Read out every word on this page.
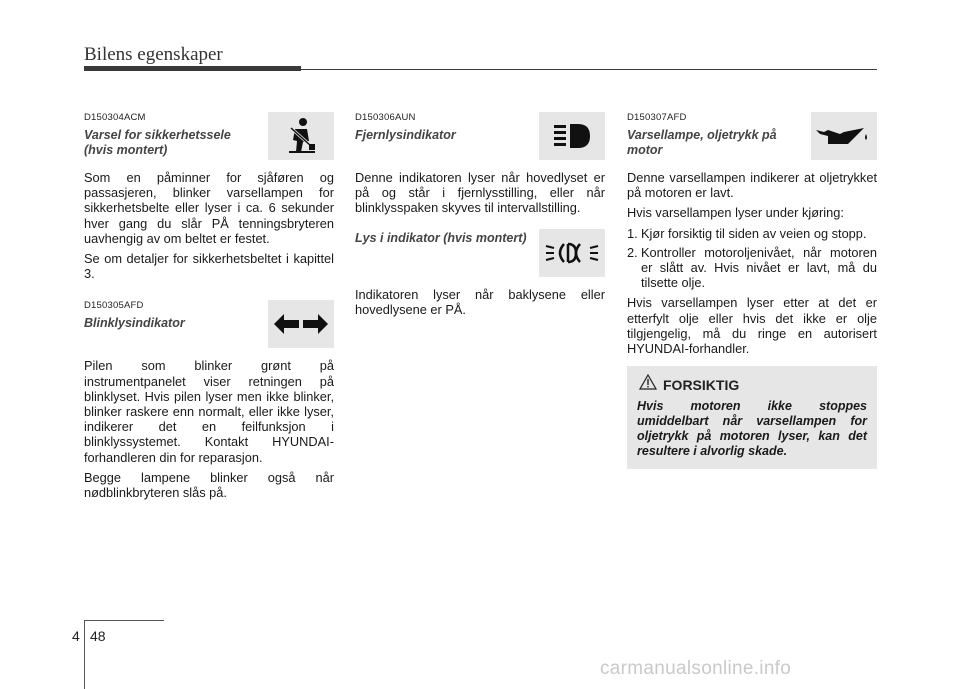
Bilens egenskaper
D150304ACM
Varsel for sikkerhetssele (hvis montert)

Som en påminner for sjåføren og passasjeren, blinker varsellampen for sikkerhetsbelte eller lyser i ca. 6 sekunder hver gang du slår PÅ tenningsbryteren uavhengig av om beltet er festet.

Se om detaljer for sikkerhetsbeltet i kapittel 3.

D150305AFD
Blinklysindikator

Pilen som blinker grønt på instrumentpanelet viser retningen på blinklyset. Hvis pilen lyser men ikke blinker, blinker raskere enn normalt, eller ikke lyser, indikerer det en feilfunksjon i blinklyssystemet. Kontakt HYUNDAI-forhandleren din for reparasjon.

Begge lampene blinker også når nødblinkbryteren slås på.

D150306AUN
Fjernlysindikator

Denne indikatoren lyser når hovedlyset er på og står i fjernlysstilling, eller når blinklysspaken skyves til intervallstilling.

Lys i indikator (hvis montert)

Indikatoren lyser når baklysene eller hovedlysene er PÅ.

D150307AFD
Varsellampe, oljetrykk på motor

Denne varsellampen indikerer at oljetrykket på motoren er lavt.

Hvis varsellampen lyser under kjøring:

1. Kjør forsiktig til siden av veien og stopp.
2. Kontroller motoroljenivået, når motoren er slått av. Hvis nivået er lavt, må du tilsette olje.

Hvis varsellampen lyser etter at det er etterfylt olje eller hvis det ikke er olje tilgjengelig, må du ringe en autorisert HYUNDAI-forhandler.

FORSIKTIG
Hvis motoren ikke stoppes umiddelbart når varsellampen for oljetrykk på motoren lyser, kan det resultere i alvorlig skade.
4 48
carmanualsonline.info
